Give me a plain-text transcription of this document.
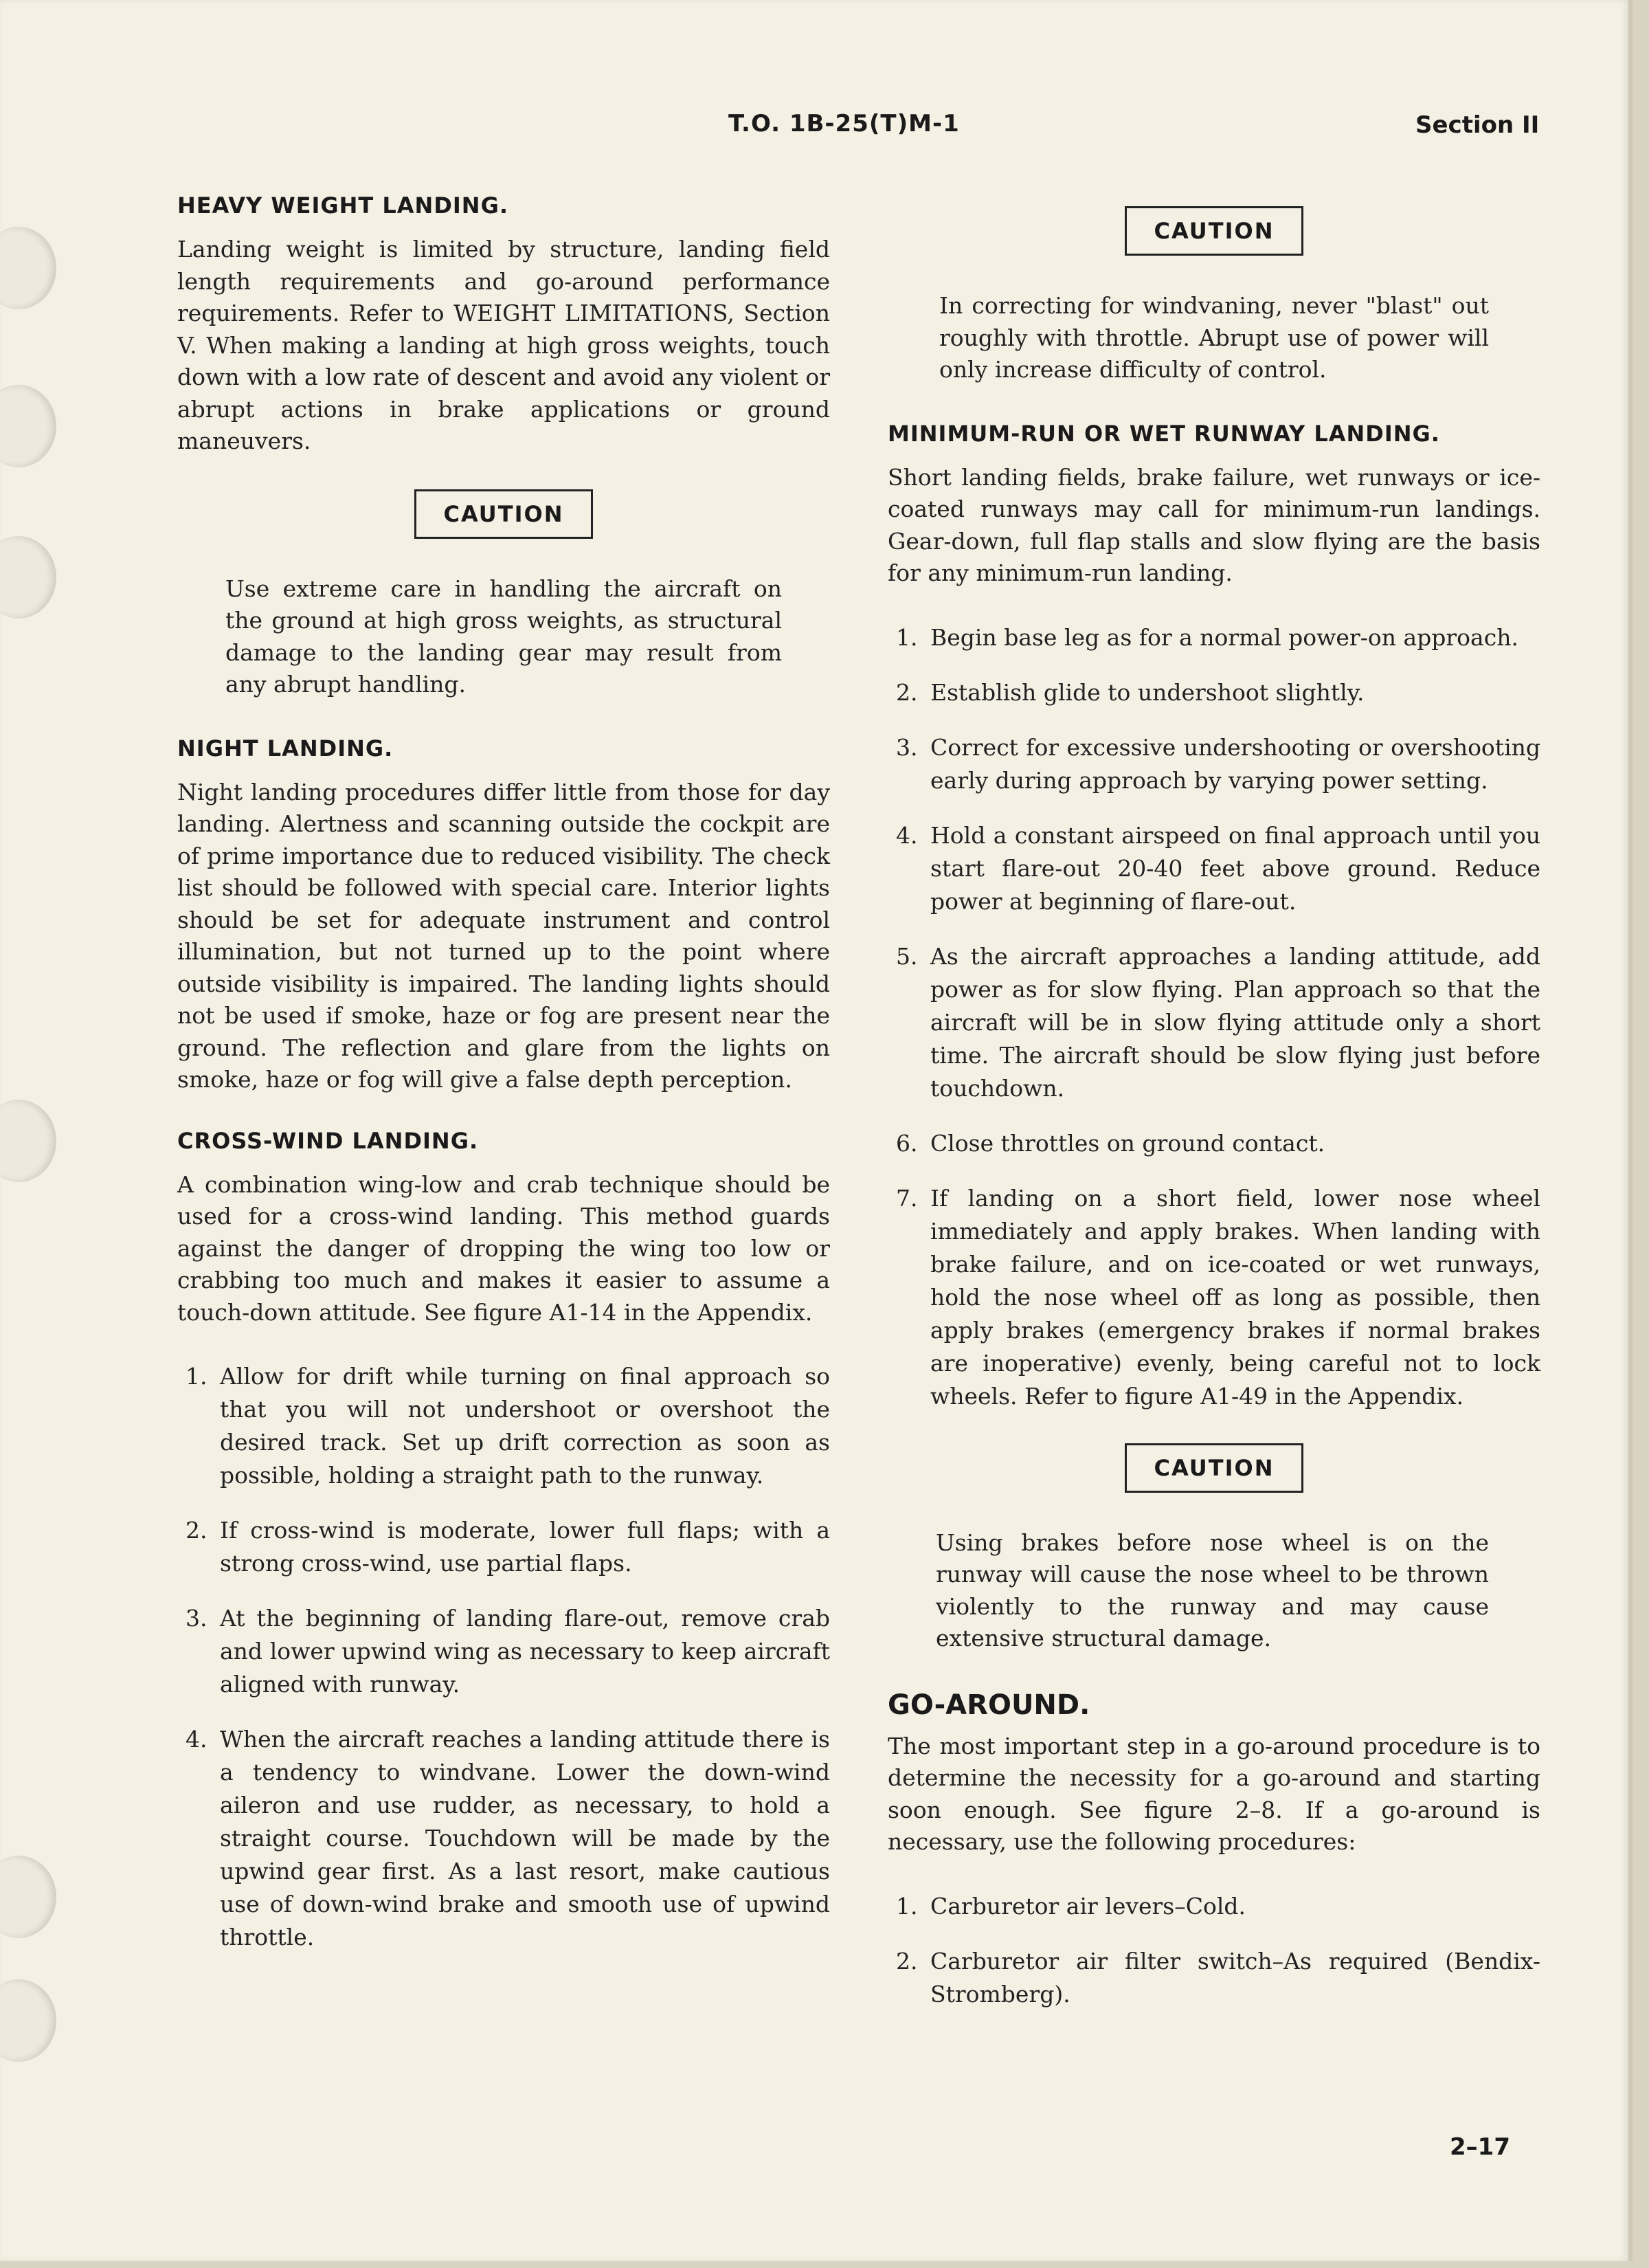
T.O. 1B-25(T)M-1	Section II
HEAVY WEIGHT LANDING.

Landing weight is limited by structure, landing field length requirements and go-around performance requirements. Refer to WEIGHT LIMITATIONS, Section V. When making a landing at high gross weights, touch down with a low rate of descent and avoid any violent or abrupt actions in brake applications or ground maneuvers.

CAUTION

Use extreme care in handling the aircraft on the ground at high gross weights, as structural damage to the landing gear may result from any abrupt handling.

NIGHT LANDING.

Night landing procedures differ little from those for day landing. Alertness and scanning outside the cockpit are of prime importance due to reduced visibility. The check list should be followed with special care. Interior lights should be set for adequate instrument and control illumination, but not turned up to the point where outside visibility is impaired. The landing lights should not be used if smoke, haze or fog are present near the ground. The reflection and glare from the lights on smoke, haze or fog will give a false depth perception.

CROSS-WIND LANDING.

A combination wing-low and crab technique should be used for a cross-wind landing. This method guards against the danger of dropping the wing too low or crabbing too much and makes it easier to assume a touch-down attitude. See figure A1-14 in the Appendix.

1. Allow for drift while turning on final approach so that you will not undershoot or overshoot the desired track. Set up drift correction as soon as possible, holding a straight path to the runway.
2. If cross-wind is moderate, lower full flaps; with a strong cross-wind, use partial flaps.
3. At the beginning of landing flare-out, remove crab and lower upwind wing as necessary to keep aircraft aligned with runway.
4. When the aircraft reaches a landing attitude there is a tendency to windvane. Lower the down-wind aileron and use rudder, as necessary, to hold a straight course. Touchdown will be made by the upwind gear first. As a last resort, make cautious use of down-wind brake and smooth use of upwind throttle.
CAUTION

In correcting for windvaning, never "blast" out roughly with throttle. Abrupt use of power will only increase difficulty of control.

MINIMUM-RUN OR WET RUNWAY LANDING.

Short landing fields, brake failure, wet runways or ice-coated runways may call for minimum-run landings. Gear-down, full flap stalls and slow flying are the basis for any minimum-run landing.

1. Begin base leg as for a normal power-on approach.
2. Establish glide to undershoot slightly.
3. Correct for excessive undershooting or overshooting early during approach by varying power setting.
4. Hold a constant airspeed on final approach until you start flare-out 20-40 feet above ground. Reduce power at beginning of flare-out.
5. As the aircraft approaches a landing attitude, add power as for slow flying. Plan approach so that the aircraft will be in slow flying attitude only a short time. The aircraft should be slow flying just before touchdown.
6. Close throttles on ground contact.
7. If landing on a short field, lower nose wheel immediately and apply brakes. When landing with brake failure, and on ice-coated or wet runways, hold the nose wheel off as long as possible, then apply brakes (emergency brakes if normal brakes are inoperative) evenly, being careful not to lock wheels. Refer to figure A1-49 in the Appendix.
CAUTION

Using brakes before nose wheel is on the runway will cause the nose wheel to be thrown violently to the runway and may cause extensive structural damage.

GO-AROUND.

The most important step in a go-around procedure is to determine the necessity for a go-around and starting soon enough. See figure 2–8. If a go-around is necessary, use the following procedures:

1. Carburetor air levers–Cold.
2. Carburetor air filter switch–As required (Bendix-Stromberg).
2–17
